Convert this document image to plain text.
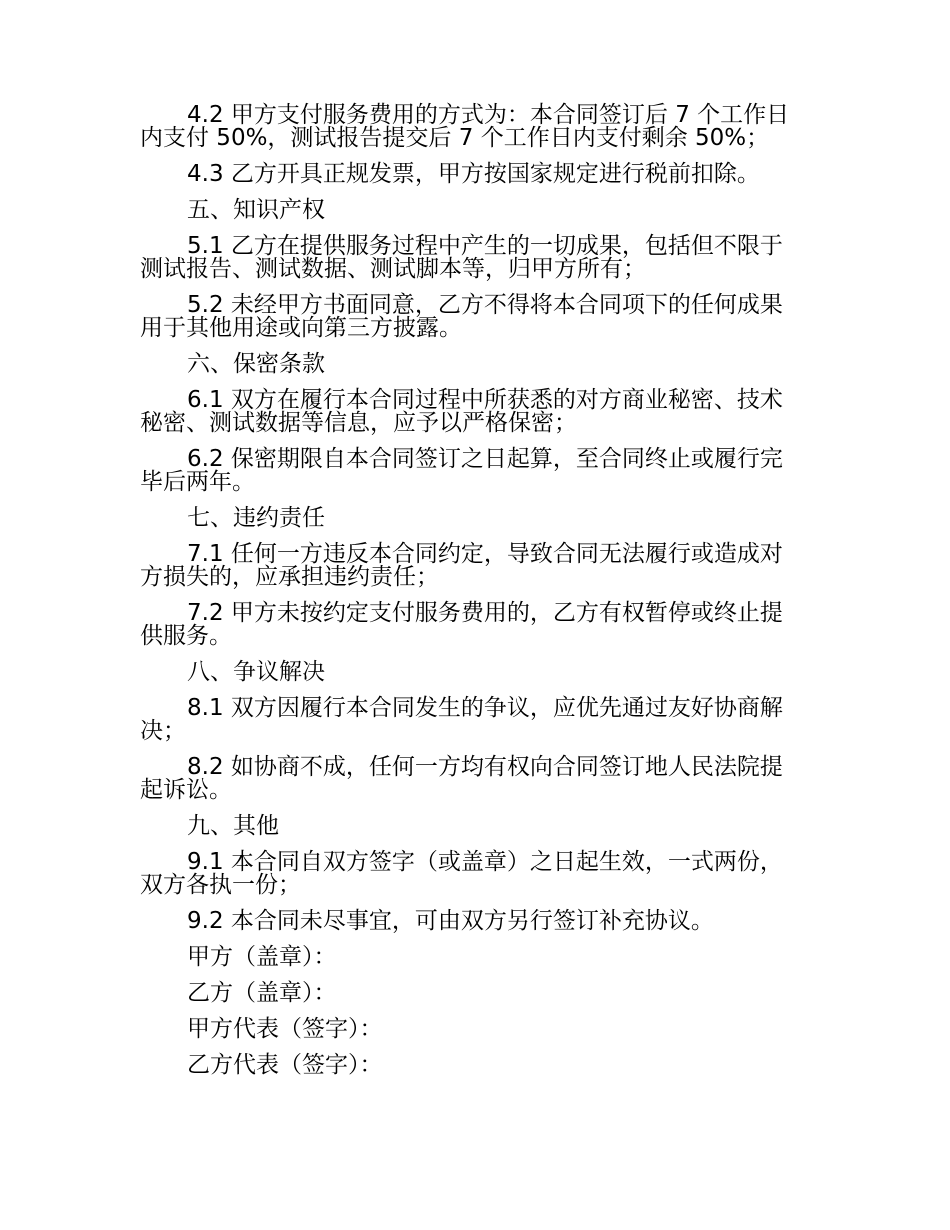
4.2 甲方支付服务费用的方式为：本合同签订后 7 个工作日内支付 50%，测试报告提交后 7 个工作日内支付剩余 50%；

4.3 乙方开具正规发票，甲方按国家规定进行税前扣除。

五、知识产权

5.1 乙方在提供服务过程中产生的一切成果，包括但不限于测试报告、测试数据、测试脚本等，归甲方所有；

5.2 未经甲方书面同意，乙方不得将本合同项下的任何成果用于其他用途或向第三方披露。

六、保密条款

6.1 双方在履行本合同过程中所获悉的对方商业秘密、技术秘密、测试数据等信息，应予以严格保密；

6.2 保密期限自本合同签订之日起算，至合同终止或履行完毕后两年。

七、违约责任

7.1 任何一方违反本合同约定，导致合同无法履行或造成对方损失的，应承担违约责任；

7.2 甲方未按约定支付服务费用的，乙方有权暂停或终止提供服务。

八、争议解决

8.1 双方因履行本合同发生的争议，应优先通过友好协商解决；

8.2 如协商不成，任何一方均有权向合同签订地人民法院提起诉讼。

九、其他

9.1 本合同自双方签字（或盖章）之日起生效，一式两份，双方各执一份；

9.2 本合同未尽事宜，可由双方另行签订补充协议。

甲方（盖章）：

乙方（盖章）：

甲方代表（签字）：

乙方代表（签字）：
